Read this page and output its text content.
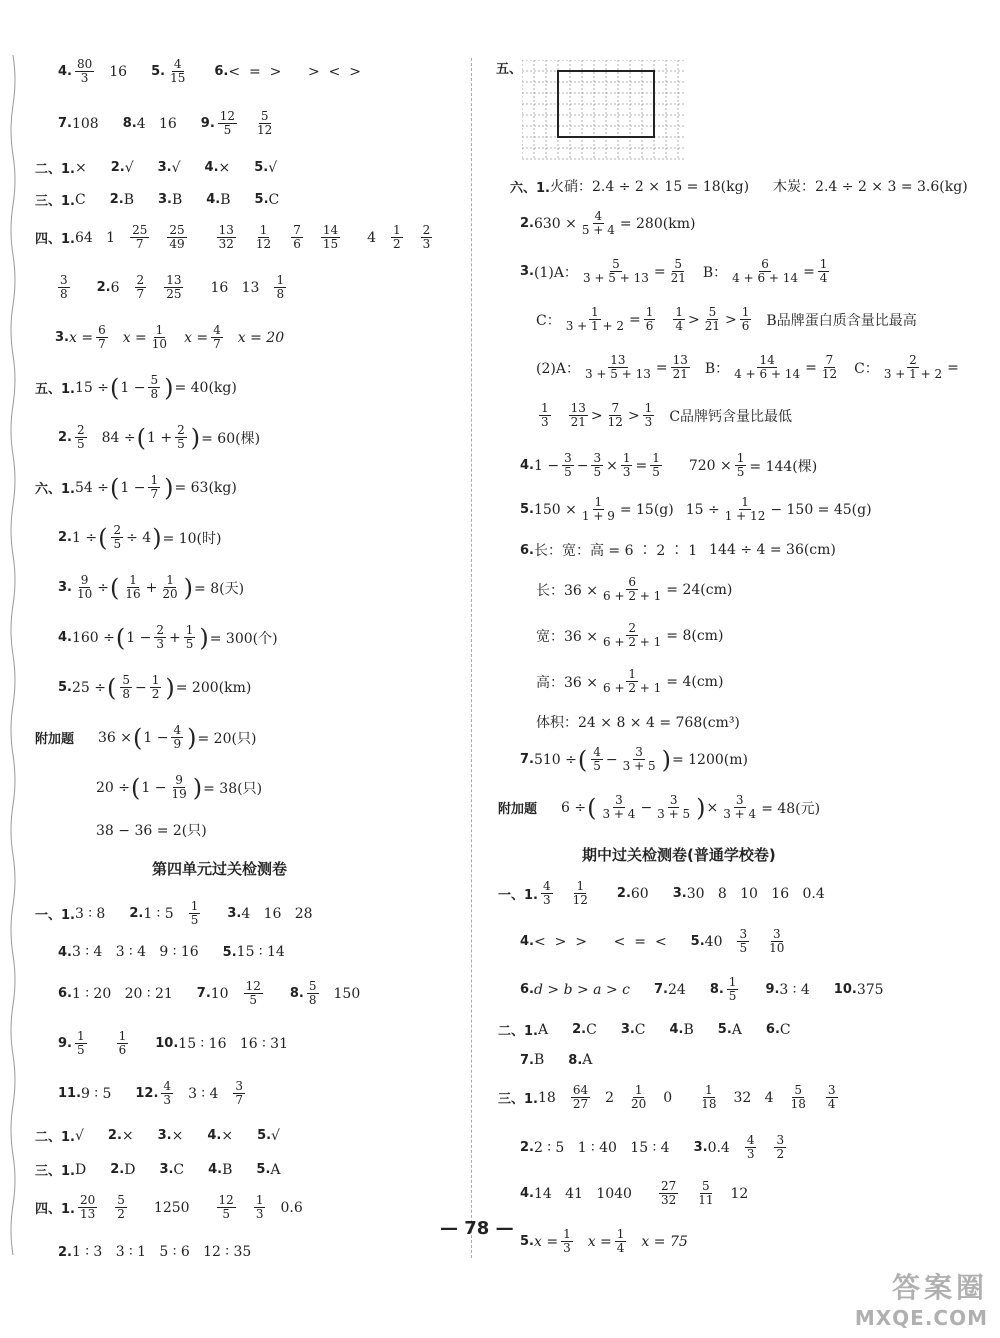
4. $\frac{80}{3} 16$ 5. $\frac{4}{15} 6$. <  =  >      >  <  >
7. 108 8. 4   16 9. $\frac{12}{5} \frac{5}{12}$
二、1. × 2. √ 3. √ 4. × 5. √
三、1. C 2. B 3. B 4. B 5. C
四、1. 64   $1 \frac{25}{7} \frac{25}{49}$	$\frac{13}{32} \frac{1}{12} \frac{7}{6} \frac{14}{15} 4 \frac{1}{2} \frac{2}{3}$
$\frac{3}{8} 2$. $6 \frac{2}{7} \frac{13}{25} 16$   $13 \frac{1}{8}$
3. $x = \frac{6}{7}$ $x = \frac{1}{10}$ $x = \frac{4}{7}$ x = 20
五、1. 15 ÷ ( $1 - \frac{5}{8}$ ) = 40(kg)
2. $\frac{2}{5} 84$ ÷ ( $1 + \frac{2}{5}$ ) = 60(棵)
六、1. 54 ÷ ( $1 - \frac{1}{7}$ ) = 63(kg)
2. 1 ÷ ( $\frac{2}{5} \div 4$ ) = 10(时)
3. $\frac{9}{10}$ ÷ ( $\frac{1}{16} + \frac{1}{20}$ ) = 8(天)
4. 160 ÷ ( $1 - \frac{2}{3} + \frac{1}{5}$ ) = 300(个)
5. 25 ÷ ( $\frac{5}{8} - \frac{1}{2}$ ) = 200(km)
附加题 36 × ( $1 - \frac{4}{9}$ ) = 20(只)
20 ÷ ( $1 - \frac{9}{19}$ ) = 38(只)
38 − 36 = 2(只)
第四单元过关检测卷
一、1. 3 ∶ 8 2. 1 ∶ $5 \frac{1}{5} 3$. 4   16   28
4. 3 ∶ 4   3 ∶ 4   9 ∶ 16 5. 15 ∶ 14
6. 1 ∶ 20   20 ∶ 21 7. $10 \frac{12}{5} 8$. $\frac{5}{8} 150$
9. $\frac{1}{5}$	$\frac{1}{6} 10$. 15 ∶ 16   16 ∶ 31
11. 9 ∶ 5 12. $\frac{4}{3} 3$ ∶ $4 \frac{3}{7}$
二、1. √ 2. × 3. × 4. × 5. √
三、1. D 2. D 3. C 4. B 5. A
四、1. $\frac{20}{13} \frac{5}{2} 1250 \frac{12}{5} \frac{1}{3} 0.6$
2. 1 ∶ 3   3 ∶ 1   5 ∶ 6   12 ∶ 35
五、
六、1. 火硝：2.4 ÷ 2 × 15 = 18(kg) 木炭：2.4 ÷ 2 × 3 = 3.6(kg)
2. $630 \times \frac{4}{5 + 4} = 280(km)$
3. (1)A： $\frac{5}{3 + 5 + 13} = \frac{5}{21}$ B： $\frac{6}{4 + 6 + 14} = \frac{1}{4}$
C： $\frac{1}{3 + 1 + 2} = \frac{1}{6} \frac{1}{4} > \frac{5}{21} > \frac{1}{6}$ B品牌蛋白质含量比最高
(2)A： $\frac{13}{3 + 5 + 13} = \frac{13}{21}$ B： $\frac{14}{4 + 6 + 14} = \frac{7}{12}$ C： $\frac{2}{3 + 1 + 2}$ =
$\frac{1}{3} \frac{13}{21} > \frac{7}{12} > \frac{1}{3}$ C品牌钙含量比最低
4. $1 - \frac{3}{5} - \frac{3}{5} \times \frac{1}{3} = \frac{1}{5} 720 \times \frac{1}{5} = 144$(棵)
5. $150 \times \frac{1}{1 + 9} = 15(g) 15 \div \frac{1}{1 + 12} - 150 = 45(g)$
6. 长：宽：高 = 6 ∶ 2 ∶ 1 144 ÷ 4 = 36(cm)
长：$36 \times \frac{6}{6 + 2 + 1} = 24(cm)$
宽：$36 \times \frac{2}{6 + 2 + 1} = 8(cm)$
高：$36 \times \frac{1}{6 + 2 + 1} = 4(cm)$
体积：24 × 8 × 4 = 768(cm³)
7. 510 ÷ ( $\frac{4}{5} - \frac{3}{3 + 5}$ ) = 1200(m)
附加题 6 ÷ ( $\frac{3}{3 + 4} - \frac{3}{3 + 5}$ ) × $\frac{3}{3 + 4} = 48$(元)
期中过关检测卷(普通学校卷)
一、1. $\frac{4}{3} \frac{1}{12} 2$. 60 3. 30   8   10   16   0.4
4. <  >  >      <  =  < 5. $40 \frac{3}{5} \frac{3}{10}$
6. d > b > a > c 7. 24 8. $\frac{1}{5} 9$. 3 ∶ 4 10. 375
二、1. A 2. C 3. C 4. B 5. A 6. C
7. B 8. A
三、1. $18 \frac{64}{27} 2 \frac{1}{20} 0 \frac{1}{18} 32$   $4 \frac{5}{18} \frac{3}{4}$
2. 2 ∶ 5   1 ∶ 40   15 ∶ 4 3. $0.4 \frac{4}{3} \frac{3}{2}$
4. 14   41   $1040 \frac{27}{32} \frac{5}{11} 12$
5. $x = \frac{1}{3}$ $x = \frac{1}{4}$ x = 75
— 78 —
答案圈
MXQE.COM
